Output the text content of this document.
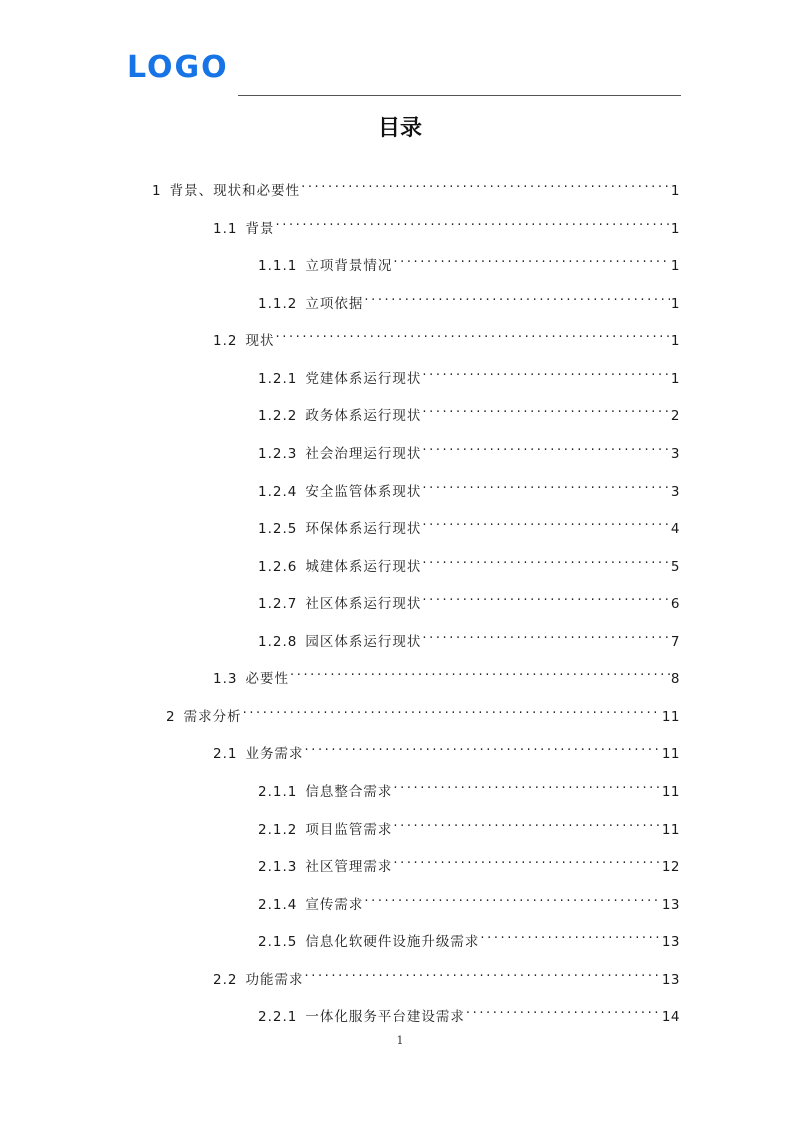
LOGO
目录
1 背景、现状和必要性 .....	1
1.1 背景 .....	1
1.1.1 立项背景情况 .....	1
1.1.2 立项依据 .....	1
1.2 现状 .....	1
1.2.1 党建体系运行现状 .....	1
1.2.2 政务体系运行现状 .....	2
1.2.3 社会治理运行现状 .....	3
1.2.4 安全监管体系现状 .....	3
1.2.5 环保体系运行现状 .....	4
1.2.6 城建体系运行现状 .....	5
1.2.7 社区体系运行现状 .....	6
1.2.8 园区体系运行现状 .....	7
1.3 必要性 .....	8
2 需求分析 .....	11
2.1 业务需求 .....	11
2.1.1 信息整合需求 .....	11
2.1.2 项目监管需求 .....	11
2.1.3 社区管理需求 .....	12
2.1.4 宣传需求 .....	13
2.1.5 信息化软硬件设施升级需求 .....	13
2.2 功能需求 .....	13
2.2.1 一体化服务平台建设需求 .....	14
1
